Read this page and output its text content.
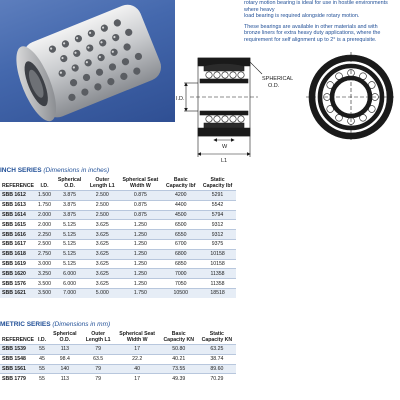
rotary motion bearing is ideal for use in hostile environments where heavy
load bearing is required alongside rotary motion.

These bearings are available in other materials and with bronze liners for extra heavy duty applications, where the requirement for self alignment up to 2° is a prerequisite.

I.D.
W
L1
SPHERICAL
O.D.
INCH SERIES (Dimensions in inches)
REFERENCE	I.D.	Spherical O.D.	Outer Length L1	Spherical Seat Width W	Basic Capacity lbf	Static Capacity lbf
SBB 1612	1.500	3.875	2.500	0.875	4200	5291
SBB 1613	1.750	3.875	2.500	0.875	4400	5542
SBB 1614	2.000	3.875	2.500	0.875	4500	5794
SBB 1615	2.000	5.125	3.625	1.250	6500	9312
SBB 1616	2.250	5.125	3.625	1.250	6550	9312
SBB 1617	2.500	5.125	3.625	1.250	6700	9375
SBB 1618	2.750	5.125	3.625	1.250	6800	10158
SBB 1619	3.000	5.125	3.625	1.250	6850	10158
SBB 1620	3.250	6.000	3.625	1.250	7000	11358
SBB 1576	3.500	6.000	3.625	1.250	7050	11358
SBB 1621	3.500	7.000	5.000	1.750	10500	18518
METRIC SERIES (Dimensions in mm)
REFERENCE	I.D.	Spherical O.D.	Outer Length L1	Spherical Seat Width W	Basic Capacity KN	Static Capacity KN
SBB 1539	55	113	79	17	50.80	63.25
SBB 1548	45	98.4	63.5	22.2	40.21	38.74
SBB 1561	55	140	79	40	73.55	89.60
SBB 1779	55	113	79	17	49.39	70.29
